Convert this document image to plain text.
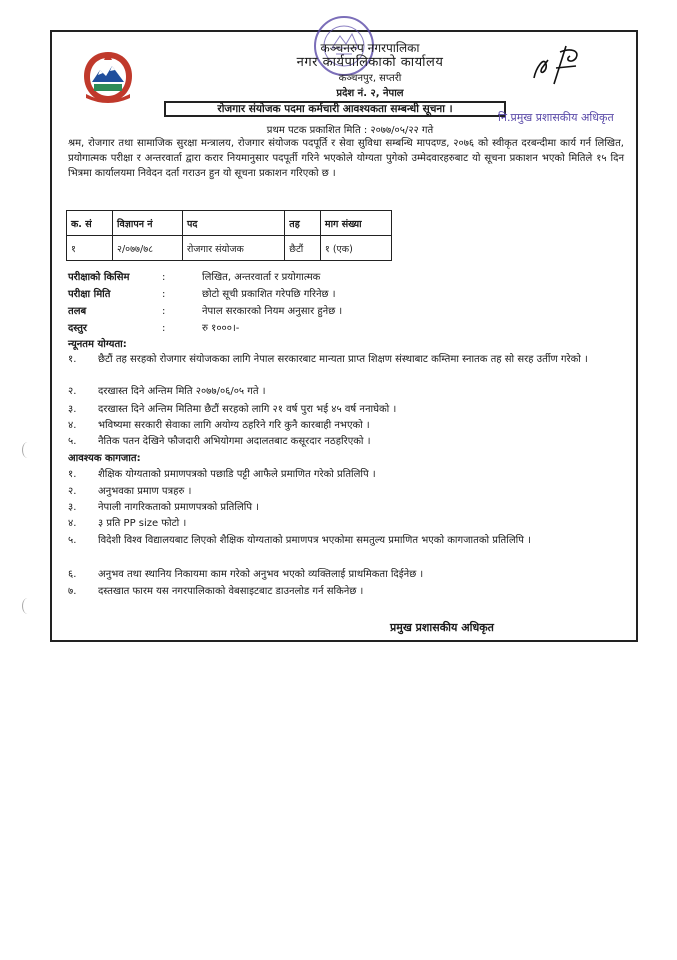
कञ्चनरुप नगरपालिका
नगर कार्यपालिकाको कार्यालय
कञ्चनपुर, सप्तरी
प्रदेश नं. २, नेपाल
रोजगार संयोजक पदमा कर्मचारी आवश्यकता सम्बन्धी सूचना ।
नि.प्रमुख प्रशासकीय अधिकृत
प्रथम पटक प्रकाशित मिति : २०७७/०५/२२ गते
श्रम, रोजगार तथा सामाजिक सुरक्षा मन्त्रालय, रोजगार संयोजक पदपूर्ति र सेवा सुविधा सम्बन्धि मापदण्ड, २०७६ को स्वीकृत दरबन्दीमा कार्य गर्न लिखित, प्रयोगात्मक परीक्षा र अन्तरवार्ता द्वारा करार नियमानुसार पदपूर्ती गरिने भएकोले योग्यता पुगेको उम्मेदवारहरुबाट यो सूचना प्रकाशन भएको मितिले १५ दिन भित्रमा कार्यालयमा निवेदन दर्ता गराउन हुन यो सूचना प्रकाशन गरिएको छ ।
क. सं	विज्ञापन नं	पद	तह	माग संख्या
१	२/०७७/७८	रोजगार संयोजक	छैटौं	१ (एक)
परीक्षाको किसिम	:	लिखित, अन्तरवार्ता र प्रयोगात्मक
परीक्षा मिति	:	छोटो सूची प्रकाशित गरेपछि गरिनेछ ।
तलब	:	नेपाल सरकारको नियम अनुसार हुनेछ ।
दस्तुर	:	रु १०००।-
न्यूनतम योग्यता:
१. छैटौं तह सरहको रोजगार संयोजकका लागि नेपाल सरकारबाट मान्यता प्राप्त शिक्षण संस्थाबाट कम्तिमा स्नातक तह सो सरह उर्तीण गरेको ।
२. दरखास्त दिने अन्तिम मिति २०७७/०६/०५ गते ।
३. दरखास्त दिने अन्तिम मितिमा छैटौं सरहको लागि २१ वर्ष पुरा भई ४५ वर्ष ननाघेको ।
४. भविष्यमा सरकारी सेवाका लागि अयोग्य ठहरिने गरि कुनै कारबाही नभएको ।
५. नैतिक पतन देखिने फौजदारी अभियोगमा अदालतबाट कसूरदार नठहरिएको ।
आवश्यक कागजात:
१. शैक्षिक योग्यताको प्रमाणपत्रको पछाडि पट्टी आफैले प्रमाणित गरेको प्रतिलिपि ।
२. अनुभवका प्रमाण पत्रहरु ।
३. नेपाली नागरिकताको प्रमाणपत्रको प्रतिलिपि ।
४. ३ प्रति PP size फोटो ।
५. विदेशी विश्व विद्यालयबाट लिएको शैक्षिक योग्यताको प्रमाणपत्र भएकोमा समतुल्य प्रमाणित भएको कागजातको प्रतिलिपि ।
६. अनुभव तथा स्थानिय निकायमा काम गरेको अनुभव भएको व्यक्तिलाई प्राथमिकता दिईनेछ ।
७. दस्तखात फारम यस नगरपालिकाको वेबसाइटबाट डाउनलोड गर्न सकिनेछ ।
प्रमुख प्रशासकीय अधिकृत
